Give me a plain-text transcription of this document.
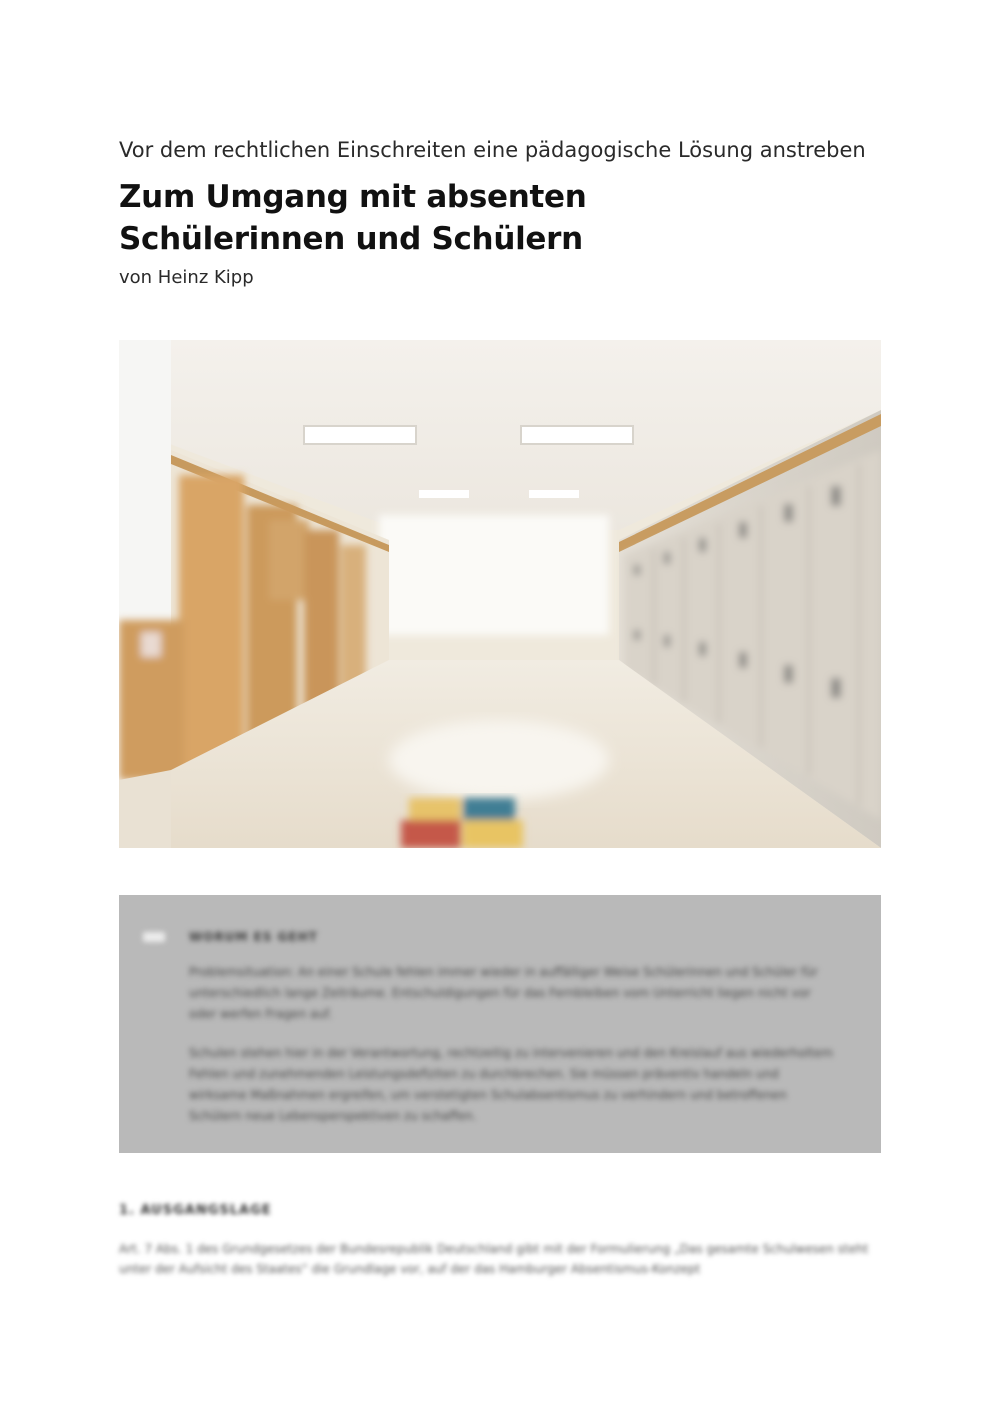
Vor dem rechtlichen Einschreiten eine pädagogische Lösung anstreben
Zum Umgang mit absenten Schülerinnen und Schülern
von Heinz Kipp
WORUM ES GEHT
Problemsituation: An einer Schule fehlen immer wieder in auffälliger Weise Schülerinnen und Schüler für unterschiedlich lange Zeiträume. Entschuldigungen für das Fernbleiben vom Unterricht liegen nicht vor oder werfen Fragen auf.
Schulen stehen hier in der Verantwortung, rechtzeitig zu intervenieren und den Kreislauf aus wiederholtem Fehlen und zunehmenden Leistungsdefiziten zu durchbrechen. Sie müssen präventiv handeln und wirksame Maßnahmen ergreifen, um verstetigten Schulabsentismus zu verhindern und betroffenen Schülern neue Lebensperspektiven zu schaffen.
1. AUSGANGSLAGE
Art. 7 Abs. 1 des Grundgesetzes der Bundesrepublik Deutschland gibt mit der Formulierung „Das gesamte Schulwesen steht unter der Aufsicht des Staates“ die Grundlage vor, auf der das Hamburger Absentismus-Konzept
